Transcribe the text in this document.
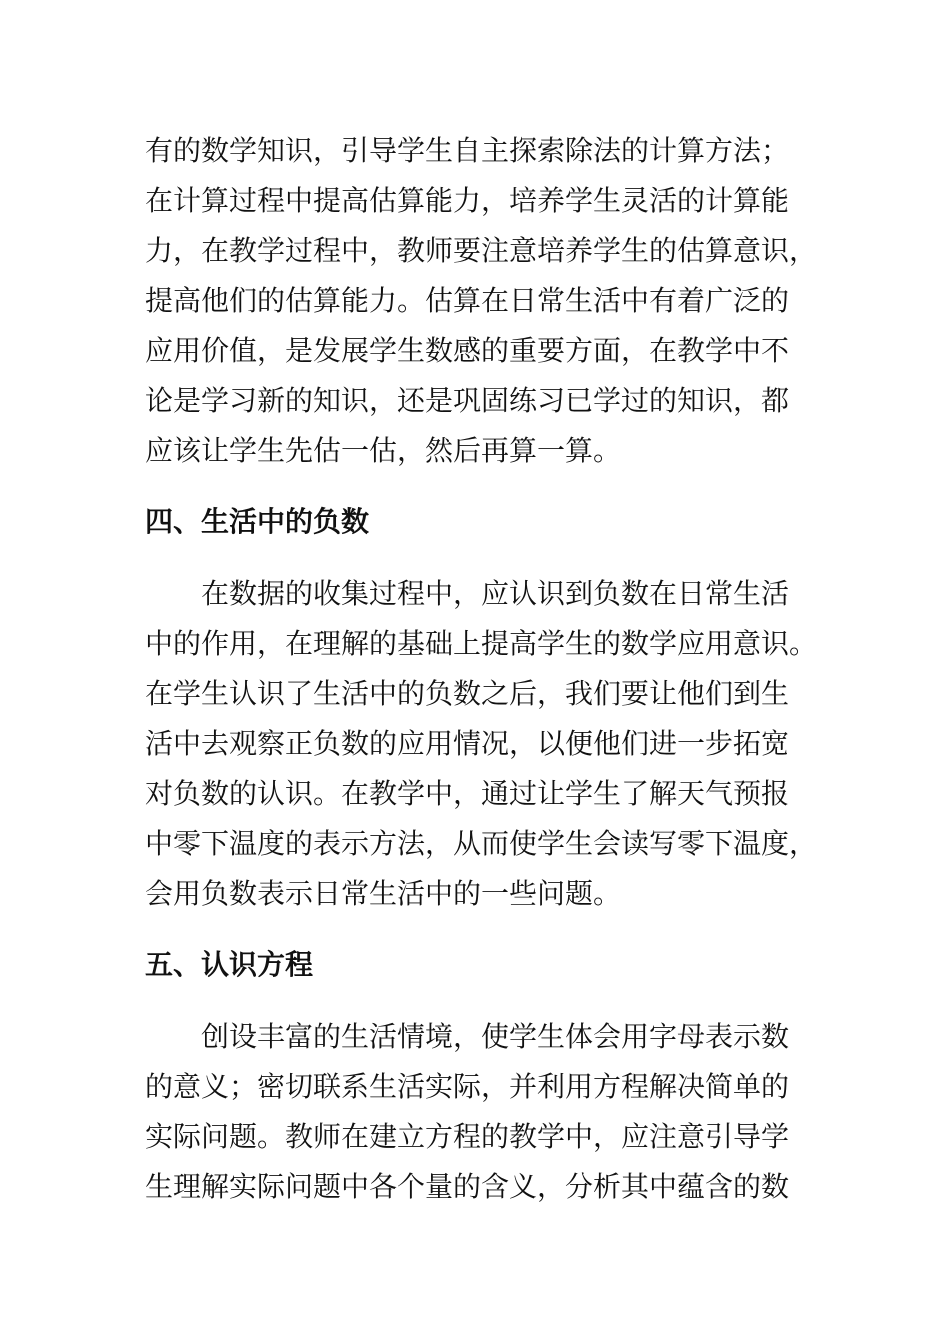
有的数学知识，引导学生自主探索除法的计算方法；
在计算过程中提高估算能力，培养学生灵活的计算能
力，在教学过程中，教师要注意培养学生的估算意识，
提高他们的估算能力。估算在日常生活中有着广泛的
应用价值，是发展学生数感的重要方面，在教学中不
论是学习新的知识，还是巩固练习已学过的知识，都
应该让学生先估一估，然后再算一算。
四、生活中的负数
在数据的收集过程中，应认识到负数在日常生活
中的作用，在理解的基础上提高学生的数学应用意识。
在学生认识了生活中的负数之后，我们要让他们到生
活中去观察正负数的应用情况，以便他们进一步拓宽
对负数的认识。在教学中，通过让学生了解天气预报
中零下温度的表示方法，从而使学生会读写零下温度，
会用负数表示日常生活中的一些问题。
五、认识方程
创设丰富的生活情境，使学生体会用字母表示数
的意义；密切联系生活实际，并利用方程解决简单的
实际问题。教师在建立方程的教学中，应注意引导学
生理解实际问题中各个量的含义，分析其中蕴含的数
